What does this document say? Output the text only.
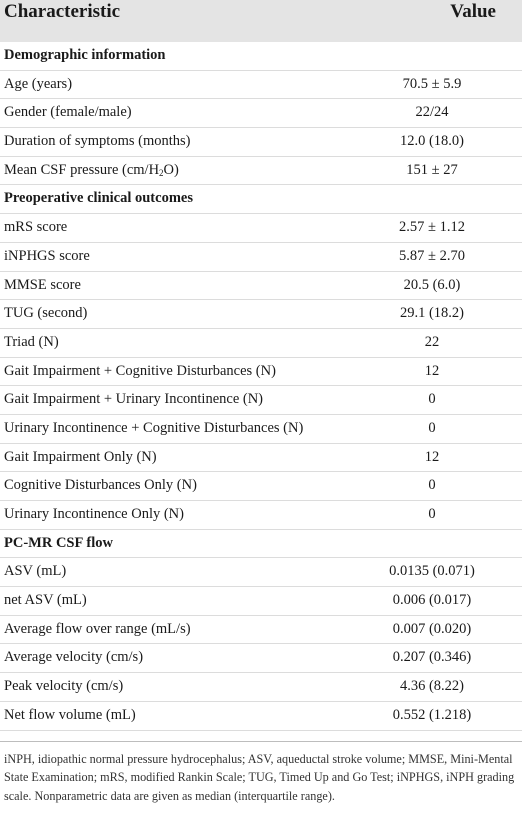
Characteristic	Value
Demographic information
Age (years)	70.5 ± 5.9
Gender (female/male)	22/24
Duration of symptoms (months)	12.0 (18.0)
Mean CSF pressure $(cm/H_2O)$	151 ± 27
Preoperative clinical outcomes
mRS score	2.57 ± 1.12
iNPHGS score	5.87 ± 2.70
MMSE score	20.5 (6.0)
TUG (second)	29.1 (18.2)
Triad (N)	22
Gait Impairment + Cognitive Disturbances (N)	12
Gait Impairment + Urinary Incontinence (N)	0
Urinary Incontinence + Cognitive Disturbances (N)	0
Gait Impairment Only (N)	12
Cognitive Disturbances Only (N)	0
Urinary Incontinence Only (N)	0
PC-MR CSF flow
ASV (mL)	0.0135 (0.071)
net ASV (mL)	0.006 (0.017)
Average flow over range (mL/s)	0.007 (0.020)
Average velocity (cm/s)	0.207 (0.346)
Peak velocity (cm/s)	4.36 (8.22)
Net flow volume (mL)	0.552 (1.218)
iNPH, idiopathic normal pressure hydrocephalus; ASV, aqueductal stroke volume; MMSE, Mini-Mental State Examination; mRS, modified Rankin Scale; TUG, Timed Up and Go Test; iNPHGS, iNPH grading scale. Nonparametric data are given as median (interquartile range).
